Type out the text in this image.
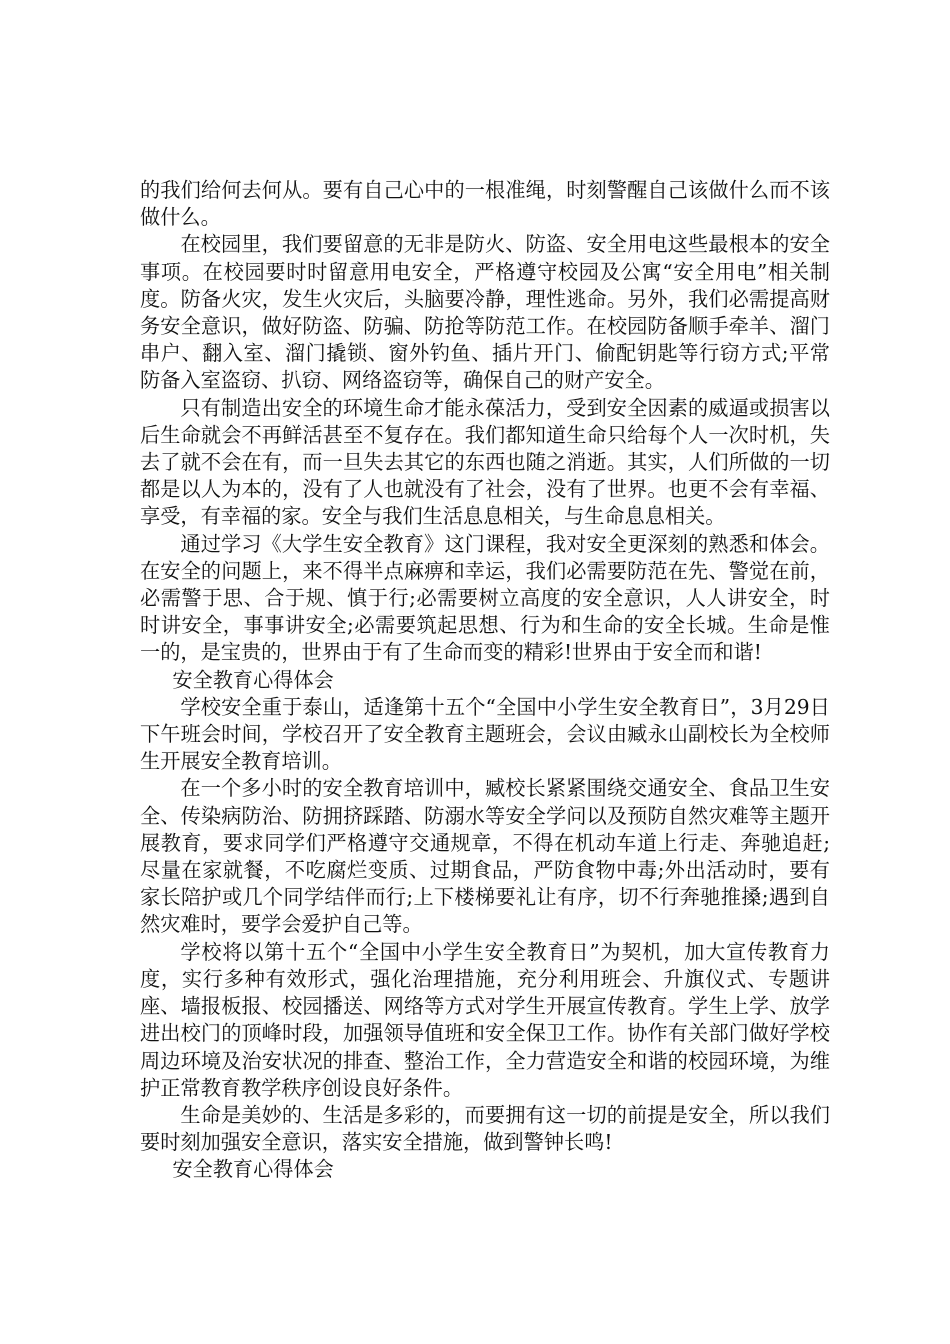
的我们给何去何从。要有自己心中的一根准绳，时刻警醒自己该做什么而不该做什么。

在校园里，我们要留意的无非是防火、防盗、安全用电这些最根本的安全事项。在校园要时时留意用电安全，严格遵守校园及公寓“安全用电”相关制度。防备火灾，发生火灾后，头脑要冷静，理性逃命。另外，我们必需提高财务安全意识，做好防盗、防骗、防抢等防范工作。在校园防备顺手牵羊、溜门串户、翻入室、溜门撬锁、窗外钓鱼、插片开门、偷配钥匙等行窃方式;平常防备入室盗窃、扒窃、网络盗窃等，确保自己的财产安全。

只有制造出安全的环境生命才能永葆活力，受到安全因素的威逼或损害以后生命就会不再鲜活甚至不复存在。我们都知道生命只给每个人一次时机，失去了就不会在有，而一旦失去其它的东西也随之消逝。其实，人们所做的一切都是以人为本的，没有了人也就没有了社会，没有了世界。也更不会有幸福、享受，有幸福的家。安全与我们生活息息相关，与生命息息相关。

通过学习《大学生安全教育》这门课程，我对安全更深刻的熟悉和体会。在安全的问题上，来不得半点麻痹和幸运，我们必需要防范在先、警觉在前，必需警于思、合于规、慎于行;必需要树立高度的安全意识，人人讲安全，时时讲安全，事事讲安全;必需要筑起思想、行为和生命的安全长城。生命是惟一的，是宝贵的，世界由于有了生命而变的精彩!世界由于安全而和谐!

安全教育心得体会

学校安全重于泰山，适逢第十五个“全国中小学生安全教育日”，3月29日下午班会时间，学校召开了安全教育主题班会，会议由臧永山副校长为全校师生开展安全教育培训。

在一个多小时的安全教育培训中，臧校长紧紧围绕交通安全、食品卫生安全、传染病防治、防拥挤踩踏、防溺水等安全学问以及预防自然灾难等主题开展教育，要求同学们严格遵守交通规章，不得在机动车道上行走、奔驰追赶;尽量在家就餐，不吃腐烂变质、过期食品，严防食物中毒;外出活动时，要有家长陪护或几个同学结伴而行;上下楼梯要礼让有序，切不行奔驰推搡;遇到自然灾难时，要学会爱护自己等。

学校将以第十五个“全国中小学生安全教育日”为契机，加大宣传教育力度，实行多种有效形式，强化治理措施，充分利用班会、升旗仪式、专题讲座、墙报板报、校园播送、网络等方式对学生开展宣传教育。学生上学、放学进出校门的顶峰时段，加强领导值班和安全保卫工作。协作有关部门做好学校周边环境及治安状况的排查、整治工作，全力营造安全和谐的校园环境，为维护正常教育教学秩序创设良好条件。

生命是美妙的、生活是多彩的，而要拥有这一切的前提是安全，所以我们要时刻加强安全意识，落实安全措施，做到警钟长鸣!

安全教育心得体会
